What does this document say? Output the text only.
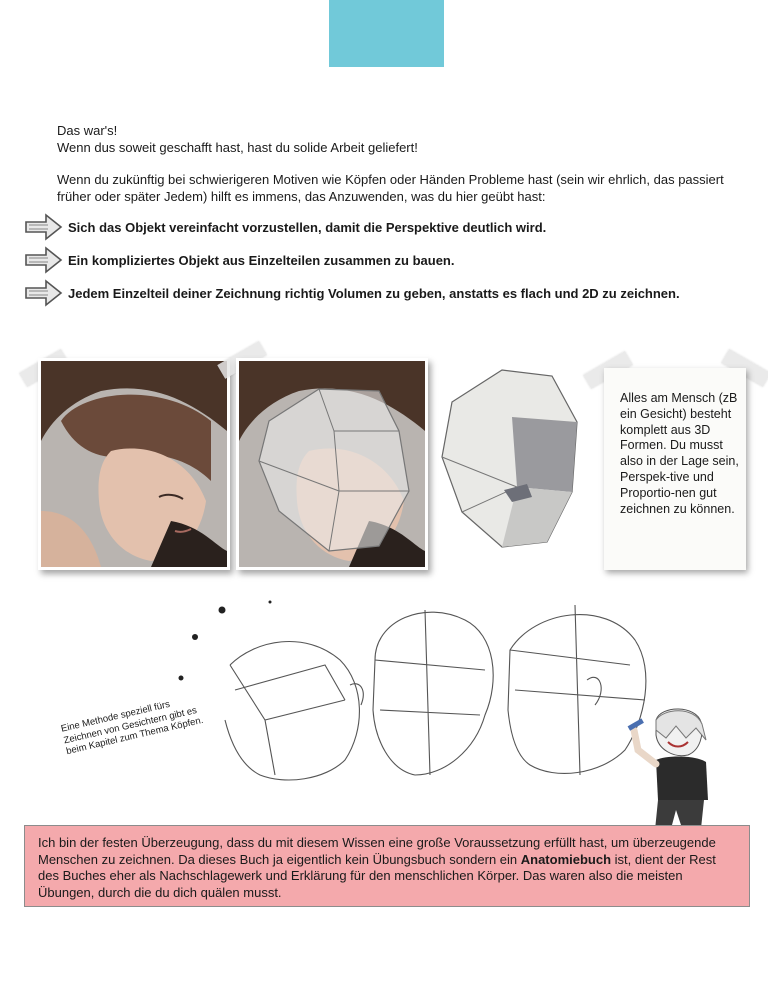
Das war's!
Wenn dus soweit geschafft hast, hast du solide Arbeit geliefert!

Wenn du zukünftig bei schwierigeren Motiven wie Köpfen oder Händen Probleme hast (sein wir ehrlich, das passiert früher oder später Jedem) hilft es immens, das Anzuwenden, was du hier geübt hast:

Sich das Objekt vereinfacht vorzustellen, damit die Perspektive deutlich wird.
Ein kompliziertes Objekt aus Einzelteilen zusammen zu bauen.
Jedem Einzelteil deiner Zeichnung richtig Volumen zu geben, anstatts es flach und 2D zu zeichnen.
Alles am Mensch (zB ein Gesicht) besteht komplett aus 3D Formen. Du musst also in der Lage sein, Perspek-tive und Proportio-nen gut zeichnen zu können.
Eine Methode speziell fürs Zeichnen von Gesichtern gibt es beim Kapitel zum Thema Köpfen.
Ich bin der festen Überzeugung, dass du mit diesem Wissen eine große Voraussetzung erfüllt hast, um überzeugende Menschen zu zeichnen. Da dieses Buch ja eigentlich kein Übungsbuch sondern ein Anatomiebuch ist, dient der Rest des Buches eher als Nachschlagewerk und Erklärung für den menschlichen Körper. Das waren also die meisten Übungen, durch die du dich quälen musst.
